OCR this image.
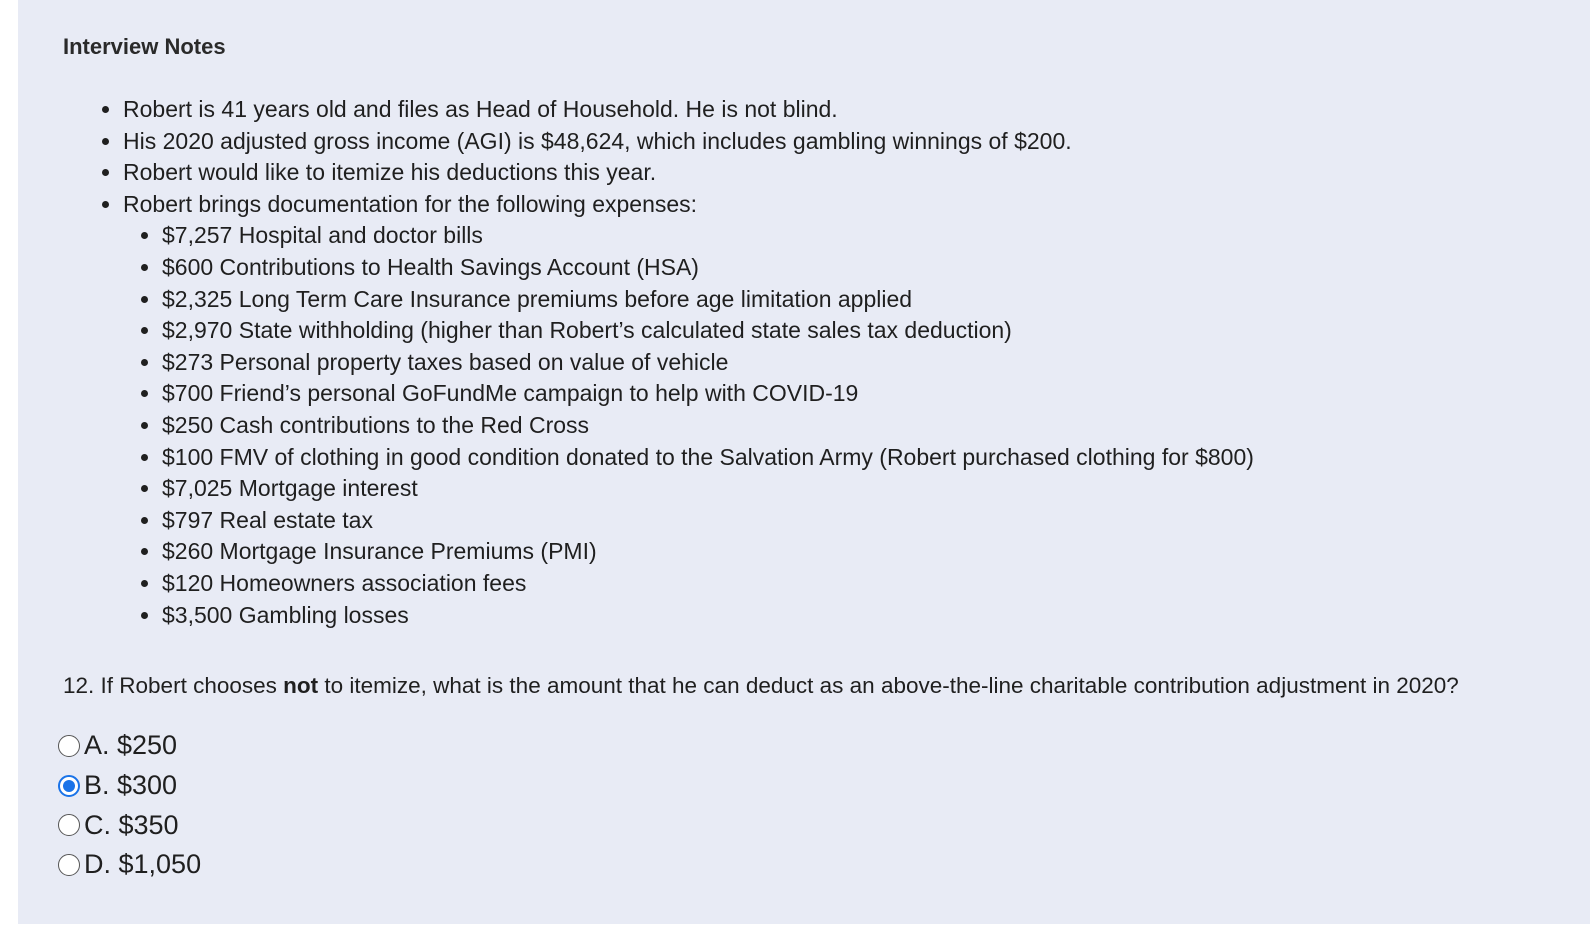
Interview Notes
• Robert is 41 years old and files as Head of Household. He is not blind.
• His 2020 adjusted gross income (AGI) is $48,624, which includes gambling winnings of $200.
• Robert would like to itemize his deductions this year.
• Robert brings documentation for the following expenses:
• $7,257 Hospital and doctor bills
• $600 Contributions to Health Savings Account (HSA)
• $2,325 Long Term Care Insurance premiums before age limitation applied
• $2,970 State withholding (higher than Robert’s calculated state sales tax deduction)
• $273 Personal property taxes based on value of vehicle
• $700 Friend’s personal GoFundMe campaign to help with COVID-19
• $250 Cash contributions to the Red Cross
• $100 FMV of clothing in good condition donated to the Salvation Army (Robert purchased clothing for $800)
• $7,025 Mortgage interest
• $797 Real estate tax
• $260 Mortgage Insurance Premiums (PMI)
• $120 Homeowners association fees
• $3,500 Gambling losses
12. If Robert chooses not to itemize, what is the amount that he can deduct as an above-the-line charitable contribution adjustment in 2020?
A. $250
B. $300
C. $350
D. $1,050
